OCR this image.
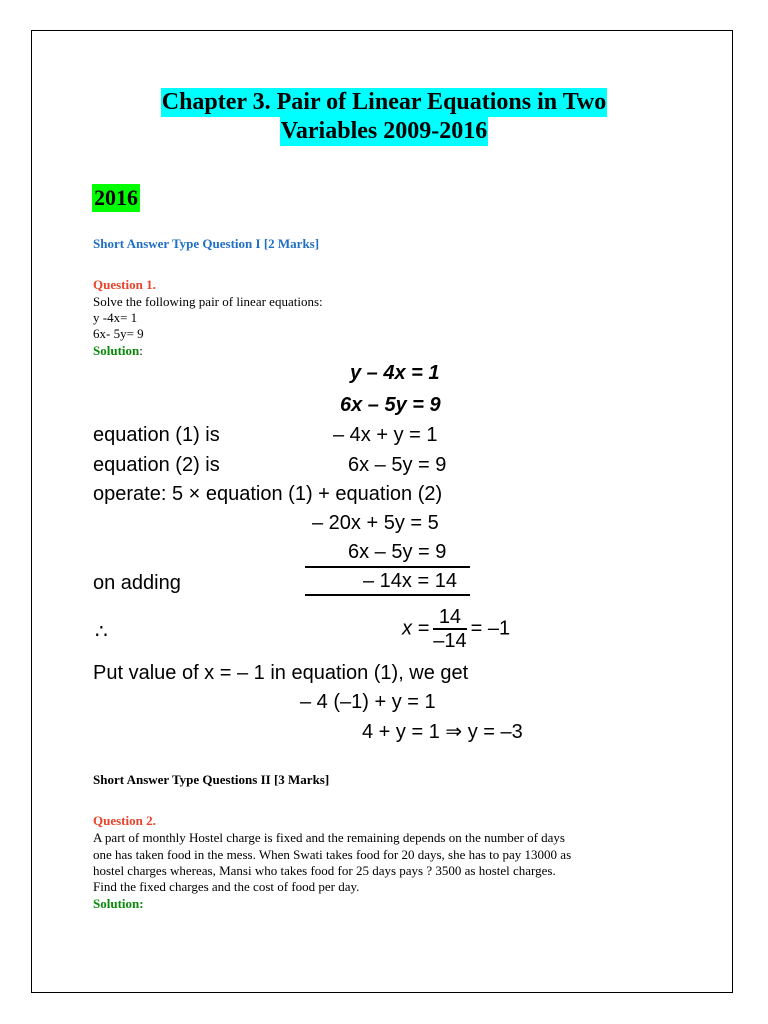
Chapter 3. Pair of Linear Equations in Two
Variables 2009-2016
2016
Short Answer Type Question I [2 Marks]
Question 1.
Solve the following pair of linear equations:
y -4x= 1
6x- 5y= 9
Solution:
y – 4x = 1
6x – 5y = 9
equation (1) is	– 4x + y = 1
equation (2) is	6x – 5y = 9
operate: 5 × equation (1) + equation (2)
– 20x + 5y = 5
6x – 5y = 9
on adding	– 14x = 14
∴	$x = \frac{14}{-14} = -1$
Put value of x = – 1 in equation (1), we get
– 4 (–1) + y = 1
4 + y = 1 ⇒ y = –3
Short Answer Type Questions II [3 Marks]
Question 2.
A part of monthly Hostel charge is fixed and the remaining depends on the number of days
one has taken food in the mess. When Swati takes food for 20 days, she has to pay 13000 as
hostel charges whereas, Mansi who takes food for 25 days pays ? 3500 as hostel charges.
Find the fixed charges and the cost of food per day.
Solution:
